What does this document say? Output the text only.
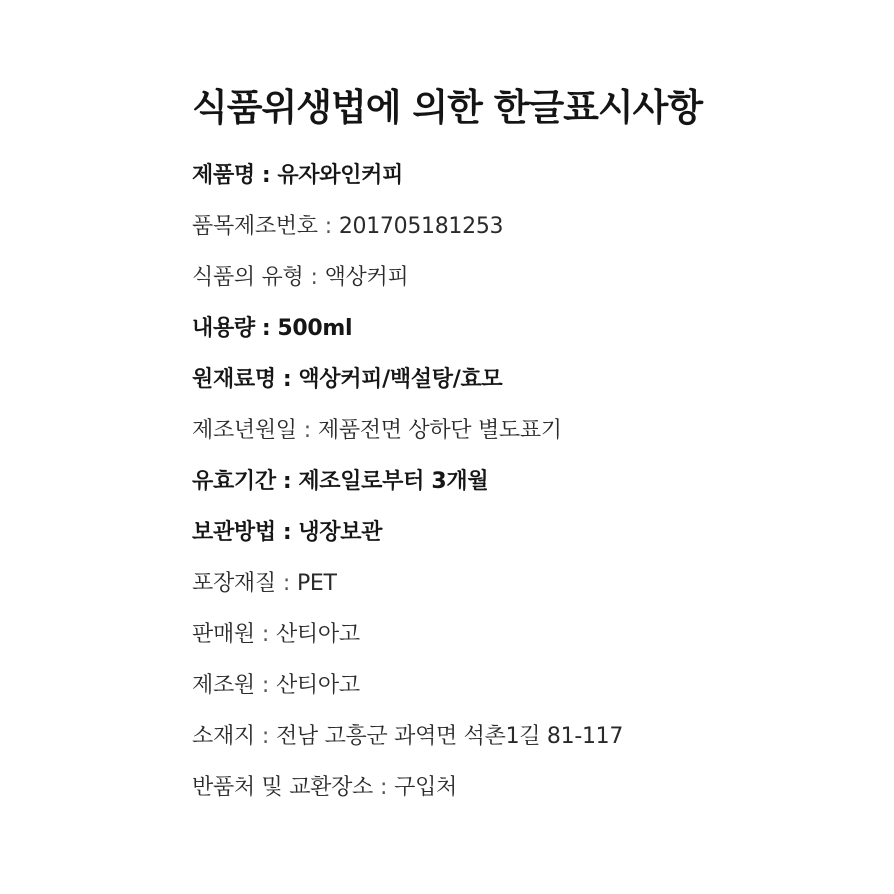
식품위생법에 의한 한글표시사항
제품명 : 유자와인커피
품목제조번호 : 201705181253
식품의 유형 : 액상커피
내용량 : 500ml
원재료명 : 액상커피/백설탕/효모
제조년원일 : 제품전면 상하단 별도표기
유효기간 : 제조일로부터 3개월
보관방법 : 냉장보관
포장재질 : PET
판매원 : 산티아고
제조원 : 산티아고
소재지 : 전남 고흥군 과역면 석촌1길 81-117
반품처 및 교환장소 : 구입처
